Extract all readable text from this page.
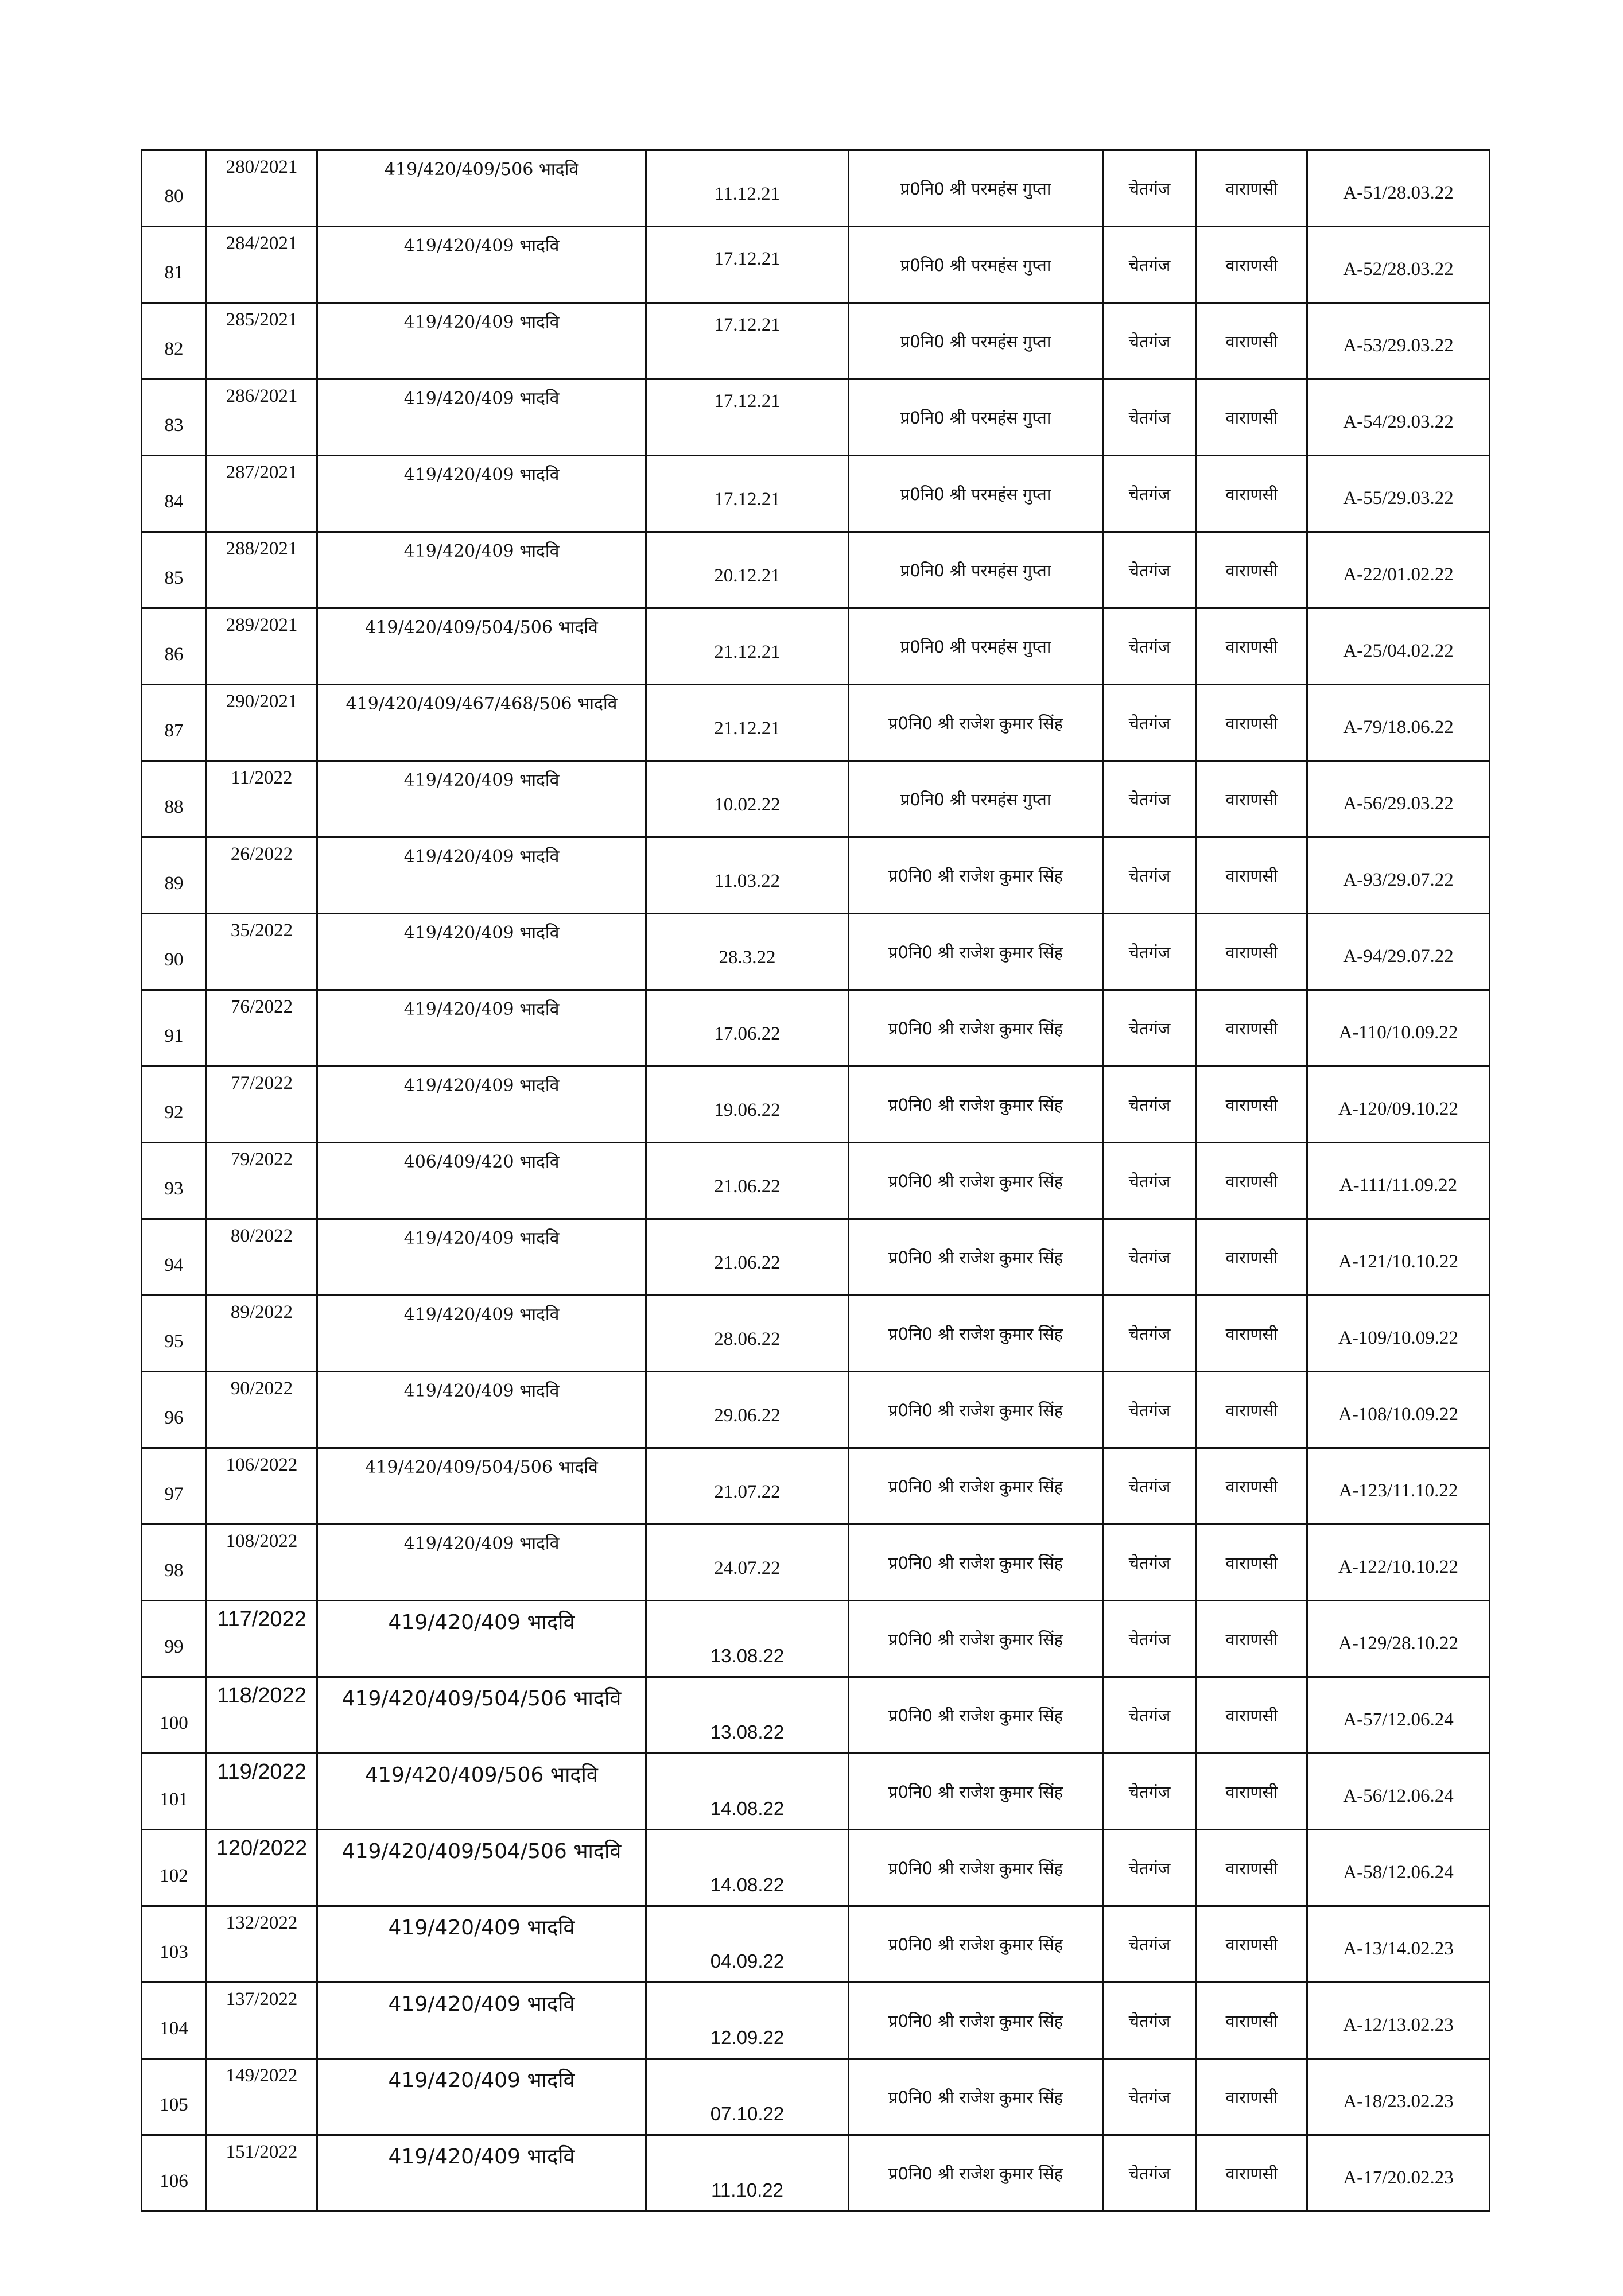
80	280/2021	419/420/409/506 भादवि	11.12.21	प्र0नि0 श्री परमहंस गुप्ता	चेतगंज	वाराणसी	A-51/28.03.22
81	284/2021	419/420/409 भादवि	17.12.21	प्र0नि0 श्री परमहंस गुप्ता	चेतगंज	वाराणसी	A-52/28.03.22
82	285/2021	419/420/409 भादवि	17.12.21	प्र0नि0 श्री परमहंस गुप्ता	चेतगंज	वाराणसी	A-53/29.03.22
83	286/2021	419/420/409 भादवि	17.12.21	प्र0नि0 श्री परमहंस गुप्ता	चेतगंज	वाराणसी	A-54/29.03.22
84	287/2021	419/420/409 भादवि	17.12.21	प्र0नि0 श्री परमहंस गुप्ता	चेतगंज	वाराणसी	A-55/29.03.22
85	288/2021	419/420/409 भादवि	20.12.21	प्र0नि0 श्री परमहंस गुप्ता	चेतगंज	वाराणसी	A-22/01.02.22
86	289/2021	419/420/409/504/506 भादवि	21.12.21	प्र0नि0 श्री परमहंस गुप्ता	चेतगंज	वाराणसी	A-25/04.02.22
87	290/2021	419/420/409/467/468/506 भादवि	21.12.21	प्र0नि0 श्री राजेश कुमार सिंह	चेतगंज	वाराणसी	A-79/18.06.22
88	11/2022	419/420/409 भादवि	10.02.22	प्र0नि0 श्री परमहंस गुप्ता	चेतगंज	वाराणसी	A-56/29.03.22
89	26/2022	419/420/409 भादवि	11.03.22	प्र0नि0 श्री राजेश कुमार सिंह	चेतगंज	वाराणसी	A-93/29.07.22
90	35/2022	419/420/409 भादवि	28.3.22	प्र0नि0 श्री राजेश कुमार सिंह	चेतगंज	वाराणसी	A-94/29.07.22
91	76/2022	419/420/409 भादवि	17.06.22	प्र0नि0 श्री राजेश कुमार सिंह	चेतगंज	वाराणसी	A-110/10.09.22
92	77/2022	419/420/409 भादवि	19.06.22	प्र0नि0 श्री राजेश कुमार सिंह	चेतगंज	वाराणसी	A-120/09.10.22
93	79/2022	406/409/420 भादवि	21.06.22	प्र0नि0 श्री राजेश कुमार सिंह	चेतगंज	वाराणसी	A-111/11.09.22
94	80/2022	419/420/409 भादवि	21.06.22	प्र0नि0 श्री राजेश कुमार सिंह	चेतगंज	वाराणसी	A-121/10.10.22
95	89/2022	419/420/409 भादवि	28.06.22	प्र0नि0 श्री राजेश कुमार सिंह	चेतगंज	वाराणसी	A-109/10.09.22
96	90/2022	419/420/409 भादवि	29.06.22	प्र0नि0 श्री राजेश कुमार सिंह	चेतगंज	वाराणसी	A-108/10.09.22
97	106/2022	419/420/409/504/506 भादवि	21.07.22	प्र0नि0 श्री राजेश कुमार सिंह	चेतगंज	वाराणसी	A-123/11.10.22
98	108/2022	419/420/409 भादवि	24.07.22	प्र0नि0 श्री राजेश कुमार सिंह	चेतगंज	वाराणसी	A-122/10.10.22
99	117/2022	419/420/409 भादवि	13.08.22	प्र0नि0 श्री राजेश कुमार सिंह	चेतगंज	वाराणसी	A-129/28.10.22
100	118/2022	419/420/409/504/506 भादवि	13.08.22	प्र0नि0 श्री राजेश कुमार सिंह	चेतगंज	वाराणसी	A-57/12.06.24
101	119/2022	419/420/409/506 भादवि	14.08.22	प्र0नि0 श्री राजेश कुमार सिंह	चेतगंज	वाराणसी	A-56/12.06.24
102	120/2022	419/420/409/504/506 भादवि	14.08.22	प्र0नि0 श्री राजेश कुमार सिंह	चेतगंज	वाराणसी	A-58/12.06.24
103	132/2022	419/420/409 भादवि	04.09.22	प्र0नि0 श्री राजेश कुमार सिंह	चेतगंज	वाराणसी	A-13/14.02.23
104	137/2022	419/420/409 भादवि	12.09.22	प्र0नि0 श्री राजेश कुमार सिंह	चेतगंज	वाराणसी	A-12/13.02.23
105	149/2022	419/420/409 भादवि	07.10.22	प्र0नि0 श्री राजेश कुमार सिंह	चेतगंज	वाराणसी	A-18/23.02.23
106	151/2022	419/420/409 भादवि	11.10.22	प्र0नि0 श्री राजेश कुमार सिंह	चेतगंज	वाराणसी	A-17/20.02.23
